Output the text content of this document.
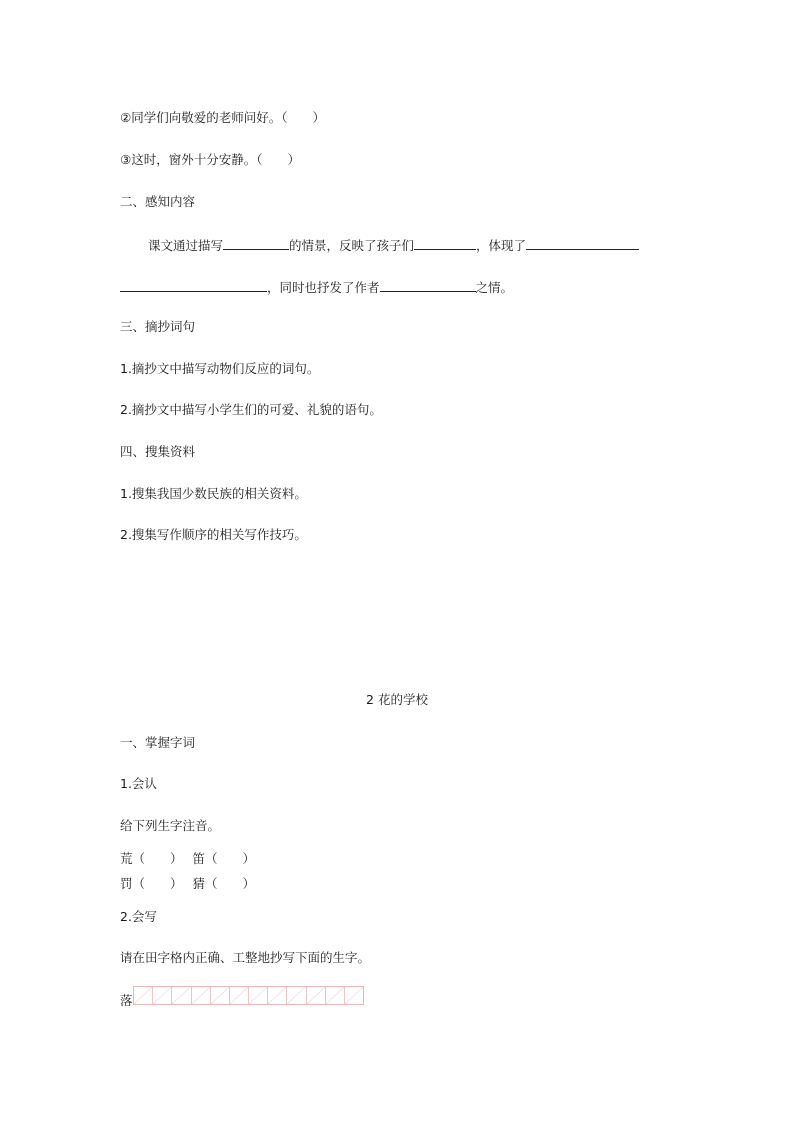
②同学们向敬爱的老师问好。（　　）
③这时，窗外十分安静。（　　）
二、感知内容
课文通过描写	的情景，反映了孩子们	，体现了
，同时也抒发了作者	之情。
三、摘抄词句
1.摘抄文中描写动物们反应的词句。
2.摘抄文中描写小学生们的可爱、礼貌的语句。
四、搜集资料
1.搜集我国少数民族的相关资料。
2.搜集写作顺序的相关写作技巧。
2 花的学校
一、掌握字词
1.会认
给下列生字注音。
荒（　　） 笛（　　）
罚（　　） 猜（　　）
2.会写
请在田字格内正确、工整地抄写下面的生字。
落
